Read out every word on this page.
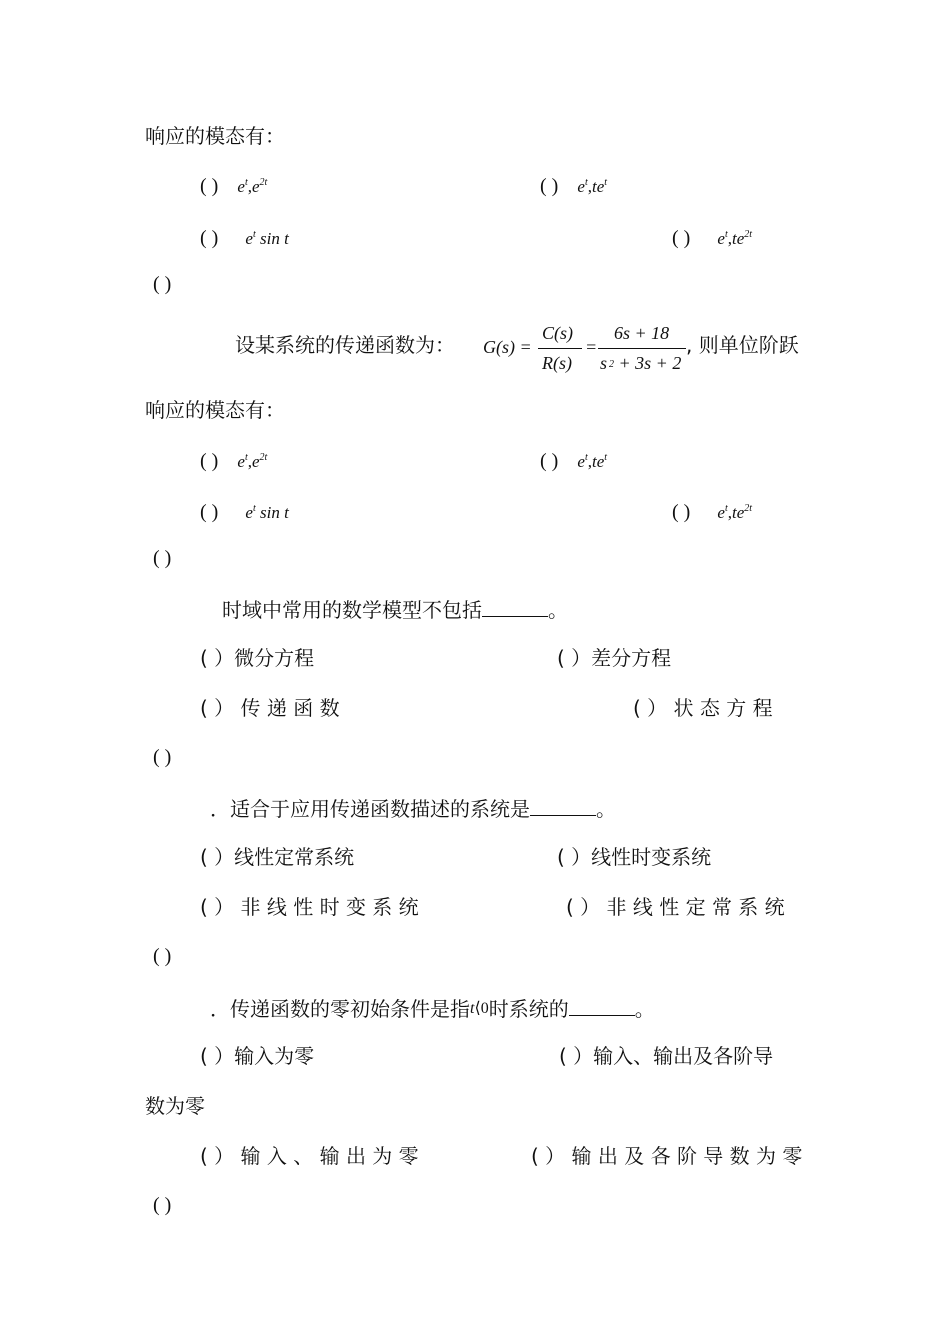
响应的模态有：
( ) $e^t,e^{2t}$	( ) $e^t,te^t$
( ) $e^t$ sin t	( ) $e^t,te^{2t}$
( )
设某系统的传递函数为： G(s) =
C(s)
R(s)
=
6s + 18
s 2 + 3s + 2
, 则单位阶跃
响应的模态有：
( ) $e^t,e^{2t}$	( ) $e^t,te^t$
( ) $e^t$ sin t	( ) $e^t,te^{2t}$
( )
时域中常用的数学模型不包括	。
( ）微分方程	( ）差分方程
( ） 传 递 函 数	( ） 状 态 方 程
( )
．适合于应用传递函数描述的系统是	。
( ）线性定常系统	( ）线性时变系统
( ） 非 线 性 时 变 系 统	( ） 非 线 性 定 常 系 统
( )
．传递函数的零初始条件是指t⟨0时系统的	。
( ）输入为零	( ）输入、输出及各阶导
数为零
( ） 输 入 、 输 出 为 零	( ） 输 出 及 各 阶 导 数 为 零
( )
